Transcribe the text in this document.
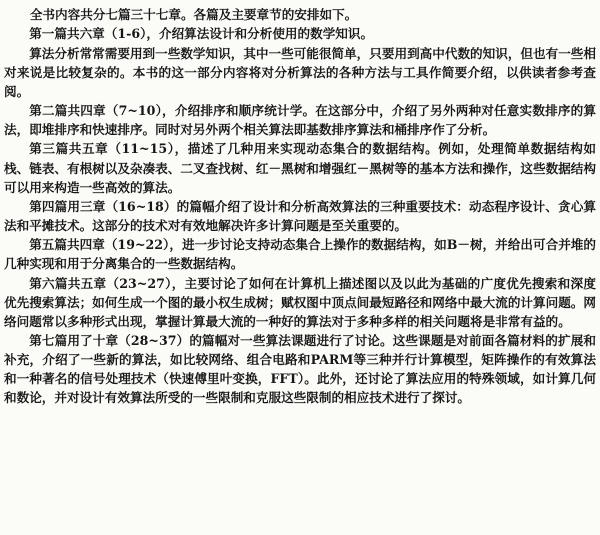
全书内容共分七篇三十七章。各篇及主要章节的安排如下。

第一篇共六章（1-6），介绍算法设计和分析使用的数学知识。

算法分析常常需要用到一些数学知识，其中一些可能很简单，只要用到高中代数的知识，但也有一些相对来说是比较复杂的。本书的这一部分内容将对分析算法的各种方法与工具作简要介绍，以供读者参考查阅。

第二篇共四章（7~10），介绍排序和顺序统计学。在这部分中，介绍了另外两种对任意实数排序的算法，即堆排序和快速排序。同时对另外两个相关算法即基数排序算法和桶排序作了分析。

第三篇共五章（11~15），描述了几种用来实现动态集合的数据结构。例如，处理简单数据结构如栈、链表、有根树以及杂凑表、二叉查找树、红－黑树和增强红－黑树等的基本方法和操作，这些数据结构可以用来构造一些高效的算法。

第四篇用三章（16~18）的篇幅介绍了设计和分析高效算法的三种重要技术：动态程序设计、贪心算法和平摊技术。这部分的技术对有效地解决许多计算问题是至关重要的。

第五篇共四章（19~22），进一步讨论支持动态集合上操作的数据结构，如B－树，并给出可合并堆的几种实现和用于分离集合的一些数据结构。

第六篇共五章（23~27），主要讨论了如何在计算机上描述图以及以此为基础的广度优先搜索和深度优先搜索算法；如何生成一个图的最小权生成树；赋权图中顶点间最短路径和网络中最大流的计算问题。网络问题常以多种形式出现，掌握计算最大流的一种好的算法对于多种多样的相关问题将是非常有益的。

第七篇用了十章（28~37）的篇幅对一些算法课题进行了讨论。这些课题是对前面各篇材料的扩展和补充，介绍了一些新的算法，如比较网络、组合电路和PARM等三种并行计算模型，矩阵操作的有效算法和一种著名的信号处理技术（快速傅里叶变换，FFT）。此外，还讨论了算法应用的特殊领域，如计算几何和数论，并对设计有效算法所受的一些限制和克服这些限制的相应技术进行了探讨。
